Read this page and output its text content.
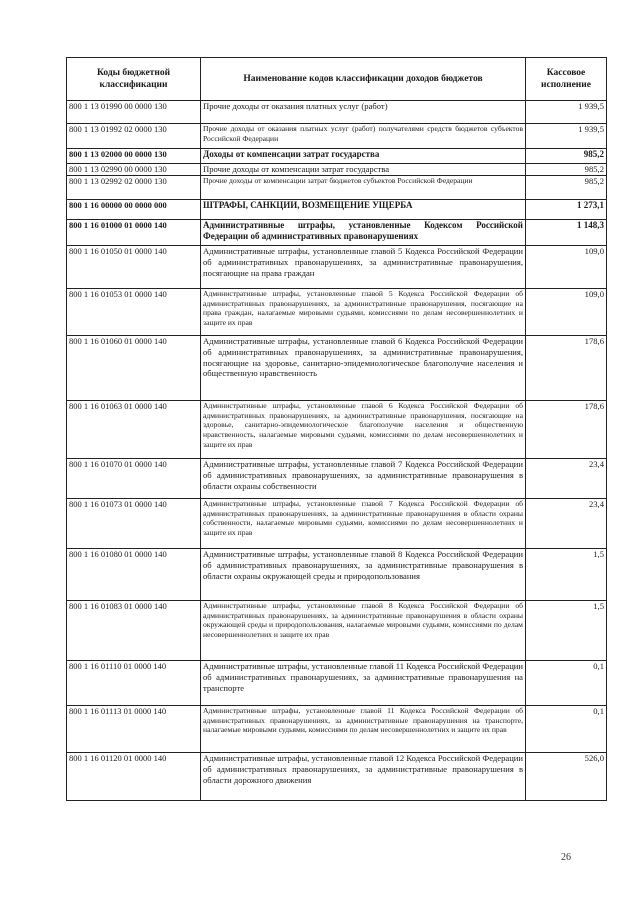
Коды бюджетной классификации	Наименование кодов классификации доходов бюджетов	Кассовое исполнение
800 1 13 01990 00 0000 130	Прочие доходы от оказания платных услуг (работ)	1 939,5
800 1 13 01992 02 0000 130	Прочие доходы от оказания платных услуг (работ) получателями средств бюджетов субъектов Российской Федерации	1 939,5
800 1 13 02000 00 0000 130	Доходы от компенсации затрат государства	985,2
800 1 13 02990 00 0000 130	Прочие доходы от компенсации затрат государства	985,2
800 1 13 02992 02 0000 130	Прочие доходы от компенсации затрат бюджетов субъектов Российской Федерации	985,2
800 1 16 00000 00 0000 000	ШТРАФЫ, САНКЦИИ, ВОЗМЕЩЕНИЕ УЩЕРБА	1 273,1
800 1 16 01000 01 0000 140	Административные штрафы, установленные Кодексом Российской Федерации об административных правонарушениях	1 148,3
800 1 16 01050 01 0000 140	Административные штрафы, установленные главой 5 Кодекса Российской Федерации об административных правонарушениях, за административные правонарушения, посягающие на права граждан	109,0
800 1 16 01053 01 0000 140	Административные штрафы, установленные главой 5 Кодекса Российской Федерации об административных правонарушениях, за административные правонарушения, посягающие на права граждан, налагаемые мировыми судьями, комиссиями по делам несовершеннолетних и защите их прав	109,0
800 1 16 01060 01 0000 140	Административные штрафы, установленные главой 6 Кодекса Российской Федерации об административных правонарушениях, за административные правонарушения, посягающие на здоровье, санитарно-эпидемиологическое благополучие населения и общественную нравственность	178,6
800 1 16 01063 01 0000 140	Административные штрафы, установленные главой 6 Кодекса Российской Федерации об административных правонарушениях, за административные правонарушения, посягающие на здоровье, санитарно-эпидемиологическое благополучие населения и общественную нравственность, налагаемые мировыми судьями, комиссиями по делам несовершеннолетних и защите их прав	178,6
800 1 16 01070 01 0000 140	Административные штрафы, установленные главой 7 Кодекса Российской Федерации об административных правонарушениях, за административные правонарушения в области охраны собственности	23,4
800 1 16 01073 01 0000 140	Административные штрафы, установленные главой 7 Кодекса Российской Федерации об административных правонарушениях, за административные правонарушения в области охраны собственности, налагаемые мировыми судьями, комиссиями по делам несовершеннолетних и защите их прав	23,4
800 1 16 01080 01 0000 140	Административные штрафы, установленные главой 8 Кодекса Российской Федерации об административных правонарушениях, за административные правонарушения в области охраны окружающей среды и природопользования	1,5
800 1 16 01083 01 0000 140	Административные штрафы, установленные главой 8 Кодекса Российской Федерации об административных правонарушениях, за административные правонарушения в области охраны окружающей среды и природопользования, налагаемые мировыми судьями, комиссиями по делам несовершеннолетних и защите их прав	1,5
800 1 16 01110 01 0000 140	Административные штрафы, установленные главой 11 Кодекса Российской Федерации об административных правонарушениях, за административные правонарушения на транспорте	0,1
800 1 16 01113 01 0000 140	Административные штрафы, установленные главой 11 Кодекса Российской Федерации об административных правонарушениях, за административные правонарушения на транспорте, налагаемые мировыми судьями, комиссиями по делам несовершеннолетних и защите их прав	0,1
800 1 16 01120 01 0000 140	Административные штрафы, установленные главой 12 Кодекса Российской Федерации об административных правонарушениях, за административные правонарушения в области дорожного движения	526,0
26
